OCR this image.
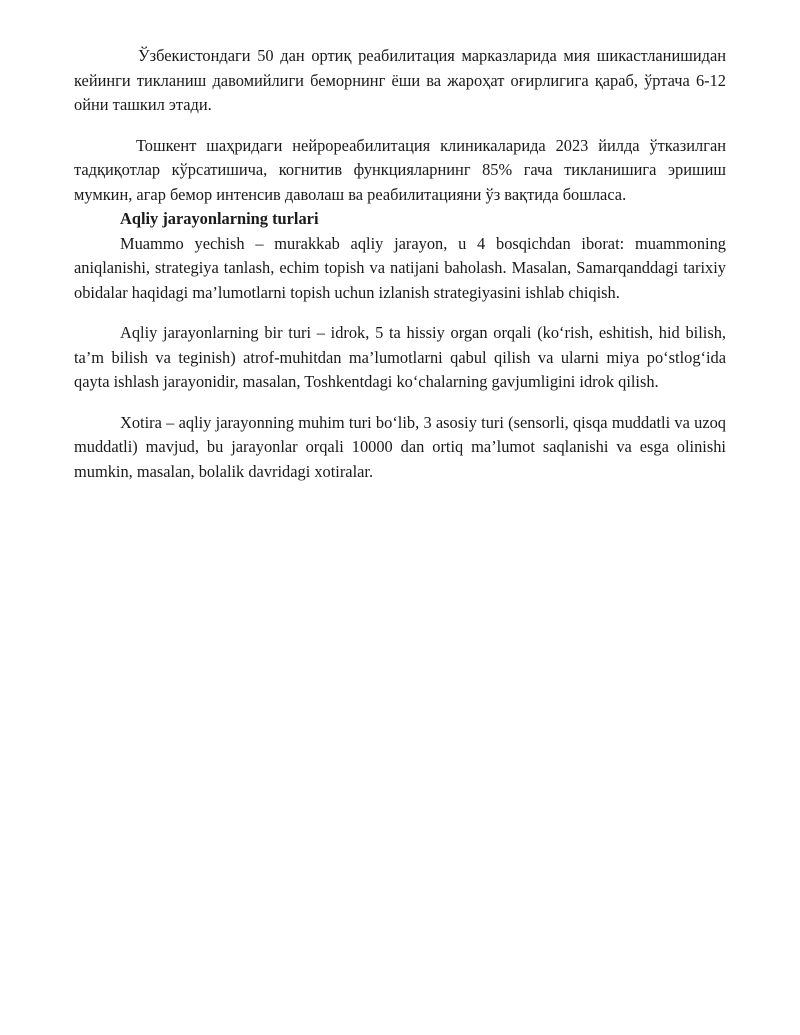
Ўзбекистондаги 50 дан ортиқ реабилитация марказларида мия шикастланишидан кейинги тикланиш давомийлиги беморнинг ёши ва жароҳат оғирлигига қараб, ўртача 6-12 ойни ташкил этади.

Тошкент шаҳридаги нейрореабилитация клиникаларида 2023 йилда ўтказилган тадқиқотлар кўрсатишича, когнитив функцияларнинг 85% гача тикланишига эришиш мумкин, агар бемор интенсив даволаш ва реабилитацияни ўз вақтида бошласа.

Aqliy jarayonlarning turlari

Muammo yechish – murakkab aqliy jarayon, u 4 bosqichdan iborat: muammoning aniqlanishi, strategiya tanlash, echim topish va natijani baholash. Masalan, Samarqanddagi tarixiy obidalar haqidagi ma’lumotlarni topish uchun izlanish strategiyasini ishlab chiqish.

Aqliy jarayonlarning bir turi – idrok, 5 ta hissiy organ orqali (ko‘rish, eshitish, hid bilish, ta’m bilish va teginish) atrof-muhitdan ma’lumotlarni qabul qilish va ularni miya po‘stlog‘ida qayta ishlash jarayonidir, masalan, Toshkentdagi ko‘chalarning gavjumligini idrok qilish.

Xotira – aqliy jarayonning muhim turi bo‘lib, 3 asosiy turi (sensorli, qisqa muddatli va uzoq muddatli) mavjud, bu jarayonlar orqali 10000 dan ortiq ma’lumot saqlanishi va esga olinishi mumkin, masalan, bolalik davridagi xotiralar.
